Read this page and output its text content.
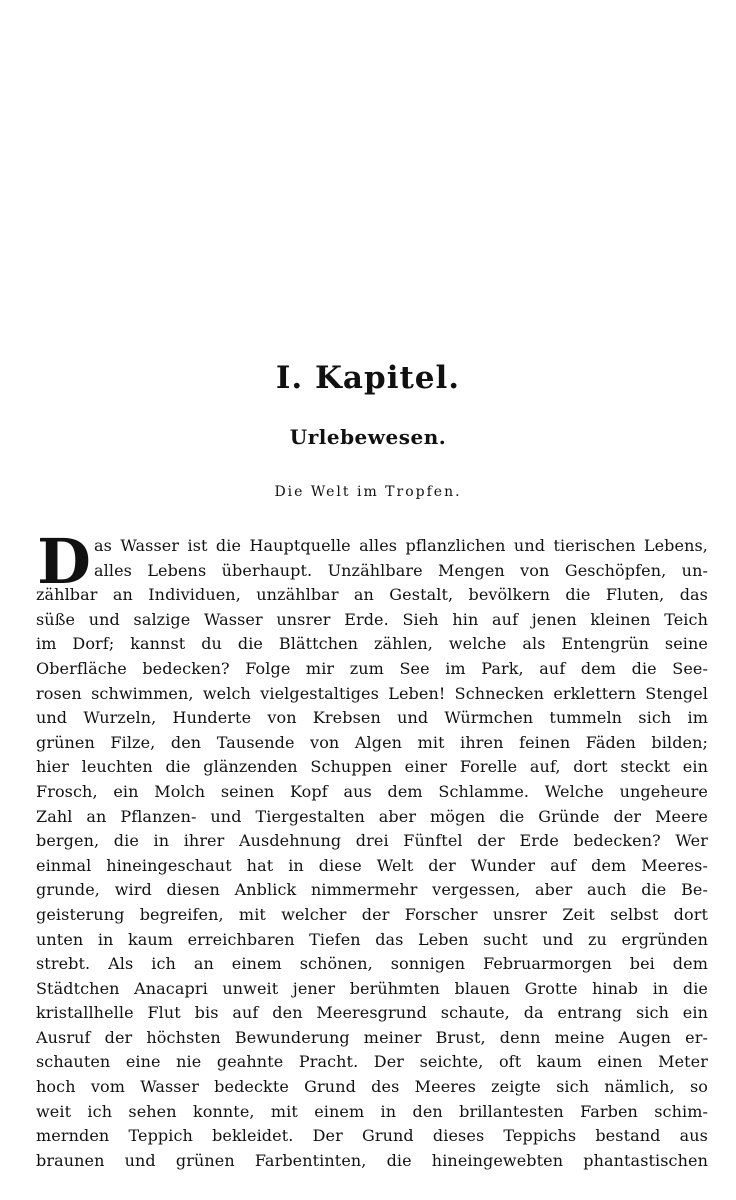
I. Kapitel.
Urlebewesen.

Die Welt im Tropfen.

D as Wasser ist die Hauptquelle alles pflanzlichen und tierischen Lebens,
alles Lebens überhaupt. Unzählbare Mengen von Geschöpfen, un-
zählbar an Individuen, unzählbar an Gestalt, bevölkern die Fluten, das
süße und salzige Wasser unsrer Erde. Sieh hin auf jenen kleinen Teich
im Dorf; kannst du die Blättchen zählen, welche als Entengrün seine
Oberfläche bedecken? Folge mir zum See im Park, auf dem die See-
rosen schwimmen, welch vielgestaltiges Leben! Schnecken erklettern Stengel
und Wurzeln, Hunderte von Krebsen und Würmchen tummeln sich im
grünen Filze, den Tausende von Algen mit ihren feinen Fäden bilden;
hier leuchten die glänzenden Schuppen einer Forelle auf, dort steckt ein
Frosch, ein Molch seinen Kopf aus dem Schlamme. Welche ungeheure
Zahl an Pflanzen- und Tiergestalten aber mögen die Gründe der Meere
bergen, die in ihrer Ausdehnung drei Fünftel der Erde bedecken? Wer
einmal hineingeschaut hat in diese Welt der Wunder auf dem Meeres-
grunde, wird diesen Anblick nimmermehr vergessen, aber auch die Be-
geisterung begreifen, mit welcher der Forscher unsrer Zeit selbst dort
unten in kaum erreichbaren Tiefen das Leben sucht und zu ergründen
strebt. Als ich an einem schönen, sonnigen Februarmorgen bei dem
Städtchen Anacapri unweit jener berühmten blauen Grotte hinab in die
kristallhelle Flut bis auf den Meeresgrund schaute, da entrang sich ein
Ausruf der höchsten Bewunderung meiner Brust, denn meine Augen er-
schauten eine nie geahnte Pracht. Der seichte, oft kaum einen Meter
hoch vom Wasser bedeckte Grund des Meeres zeigte sich nämlich, so
weit ich sehen konnte, mit einem in den brillantesten Farben schim-
mernden Teppich bekleidet. Der Grund dieses Teppichs bestand aus
braunen und grünen Farbentinten, die hineingewebten phantastischen
